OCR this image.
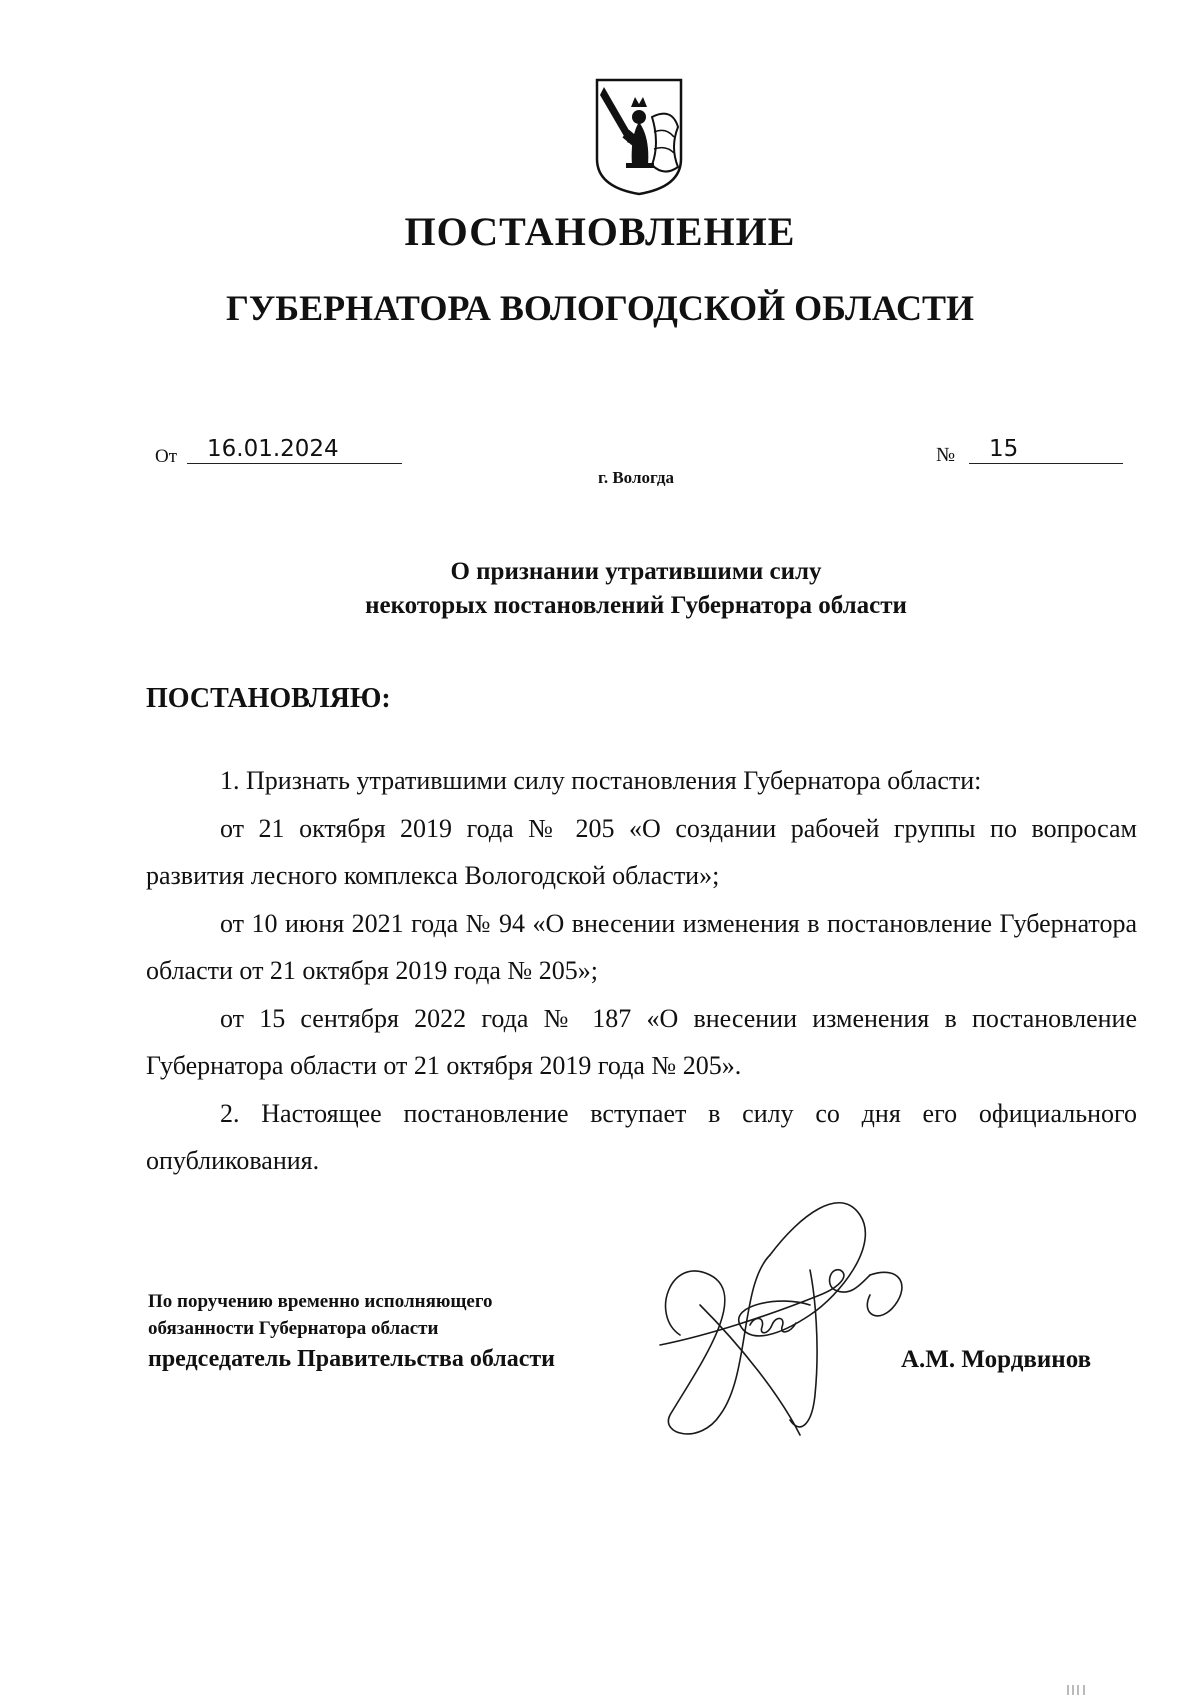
ПОСТАНОВЛЕНИЕ
ГУБЕРНАТОРА ВОЛОГОДСКОЙ ОБЛАСТИ
От 16.01.2024
г. Вологда
№ 15
О признании утратившими силу
некоторых постановлений Губернатора области
ПОСТАНОВЛЯЮ:

1. Признать утратившими силу постановления Губернатора области:

от 21 октября 2019 года № 205 «О создании рабочей группы по вопросам развития лесного комплекса Вологодской области»;

от 10 июня 2021 года № 94 «О внесении изменения в постановление Губернатора области от 21 октября 2019 года № 205»;

от 15 сентября 2022 года № 187 «О внесении изменения в постановление Губернатора области от 21 октября 2019 года № 205».

2. Настоящее постановление вступает в силу со дня его официального опубликования.

По поручению временно исполняющего
обязанности Губернатора области
председатель Правительства области	А.М. Мордвинов
